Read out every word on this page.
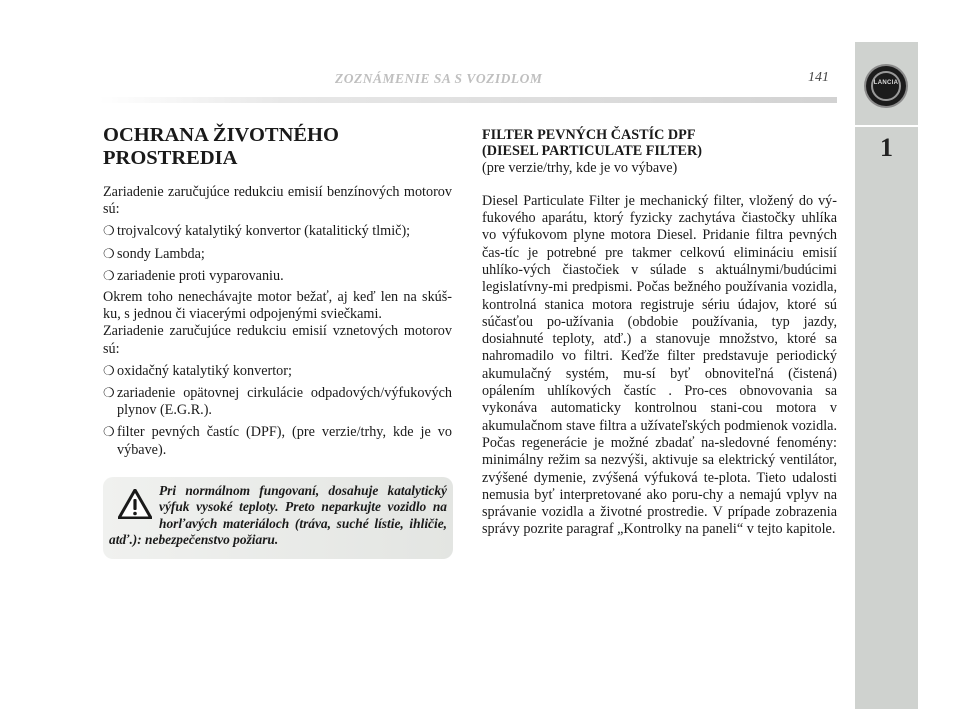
ZOZNÁMENIE SA S VOZIDLOM	141	LANCIA
1
OCHRANA ŽIVOTNÉHO
PROSTREDIA

Zariadenie zaručujúce redukciu emisií benzínových motorov sú:

❍ trojvalcový katalytiký konvertor (katalitický tlmič);
❍ sondy Lambda;
❍ zariadenie proti vyparovaniu.

Okrem toho nenechávajte motor bežať, aj keď len na skúš-ku, s jednou či viacerými odpojenými sviečkami.

Zariadenie zaručujúce redukciu emisií vznetových motorov sú:

❍ oxidačný katalytiký konvertor;
❍ zariadenie opätovnej cirkulácie odpadových/výfukových plynov (E.G.R.).
❍ filter pevných častíc (DPF), (pre verzie/trhy, kde je vo výbave).
Pri normálnom fungovaní, dosahuje katalytický výfuk vysoké teploty. Preto neparkujte vozidlo na horľavých materiáloch (tráva, suché lístie, ihličie, atď.): nebezpečenstvo požiaru.
FILTER PEVNÝCH ČASTÍC DPF
(DIESEL PARTICULATE FILTER)
(pre verzie/trhy, kde je vo výbave)

Diesel Particulate Filter je mechanický filter, vložený do vý-fukového aparátu, ktorý fyzicky zachytáva čiastočky uhlíka vo výfukovom plyne motora Diesel. Pridanie filtra pevných čas-tíc je potrebné pre takmer celkovú elimináciu emisií uhlíko-vých čiastočiek v súlade s aktuálnymi/budúcimi legislatívny-mi predpismi. Počas bežného používania vozidla, kontrolná stanica motora registruje sériu údajov, ktoré sú súčasťou po-užívania (obdobie používania, typ jazdy, dosiahnuté teploty, atď.) a stanovuje množstvo, ktoré sa nahromadilo vo filtri. Keďže filter predstavuje periodický akumulačný systém, mu-sí byť obnovitеľná (čistená) opálením uhlíkových častíc . Pro-ces obnovovania sa vykonáva automaticky kontrolnou stani-cou motora v akumulačnom stave filtra a užívateľských podmienok vozidla. Počas regenerácie je možné zbadať na-sledovné fenomény: minimálny režim sa nezvýši, aktivuje sa elektrický ventilátor, zvýšené dymenie, zvýšená výfuková te-plota. Tieto udalosti nemusia byť interpretované ako poru-chy a nemajú vplyv na správanie vozidla a životné prostredie. V prípade zobrazenia správy pozrite paragraf „Kontrolky na paneli“ v tejto kapitole.
